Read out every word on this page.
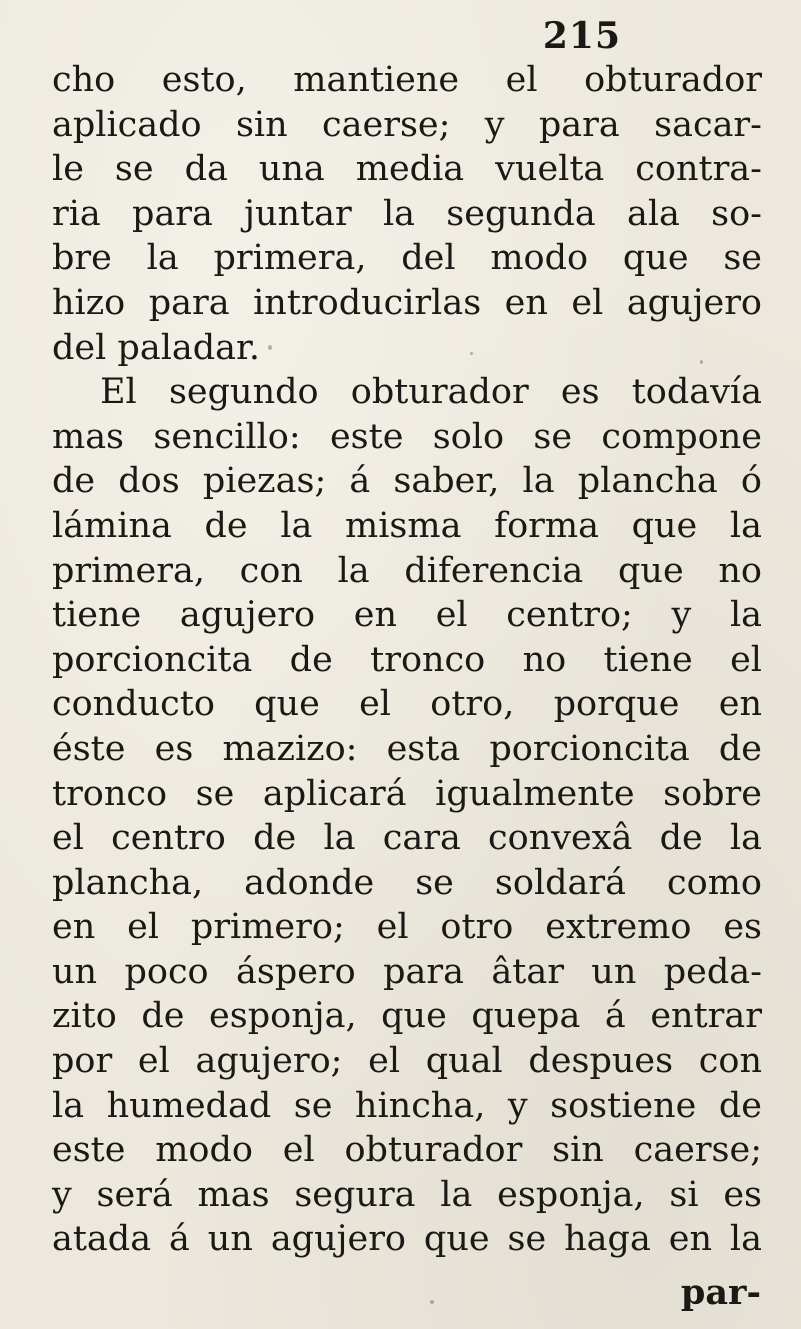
215
cho esto, mantiene el obturador
aplicado sin caerse; y para sacar-
le se da una media vuelta contra-
ria para juntar la segunda ala so-
bre la primera, del modo que se
hizo para introducirlas en el agujero
del paladar.
El segundo obturador es todavía
mas sencillo: este solo se compone
de dos piezas; á saber, la plancha ó
lámina de la misma forma que la
primera, con la diferencia que no
tiene agujero en el centro; y la
porcioncita de tronco no tiene el
conducto que el otro, porque en
éste es mazizo: esta porcioncita de
tronco se aplicará igualmente sobre
el centro de la cara convexâ de la
plancha, adonde se soldará como
en el primero; el otro extremo es
un poco áspero para âtar un peda-
zito de esponja, que quepa á entrar
por el agujero; el qual despues con
la humedad se hincha, y sostiene de
este modo el obturador sin caerse;
y será mas segura la esponja, si es
atada á un agujero que se haga en la
par-
